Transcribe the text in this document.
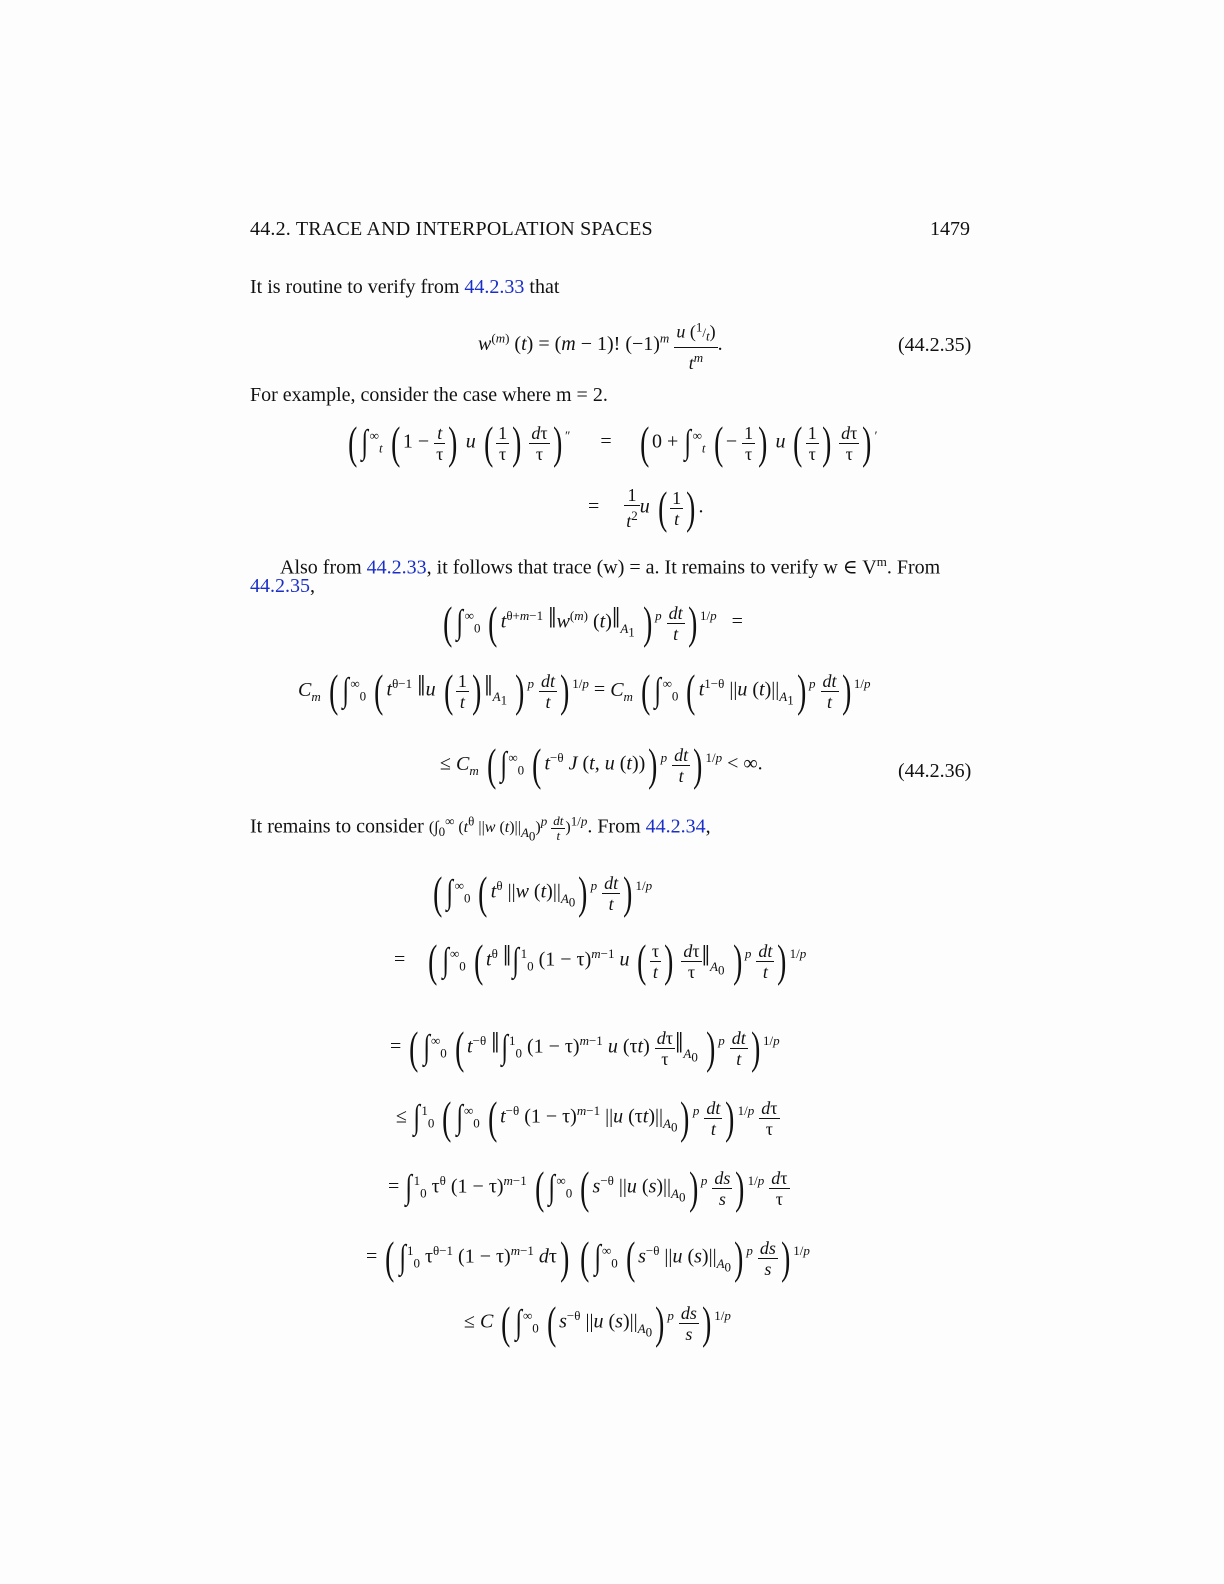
44.2. TRACE AND INTERPOLATION SPACES	1479
It is routine to verify from 44.2.33 that
$w^{(m)}$ (t) = (m − 1)! $(-1)^m \frac{u (^1/_t)}{t^m}$ .	(44.2.35)
For example, consider the case where m = 2.
( $\int^\infty_t$ ( $1 - \frac{t}{\tau}$ ) u ( $\frac{1}{\tau}$ ) $\frac{d\tau}{\tau}$ ) ″      =     ( $0 + \int^\infty_t$ ( − $\frac{1}{\tau}$ ) u ( $\frac{1}{\tau}$ ) $\frac{d\tau}{\tau}$ ) ′
= $\frac{1}{t^2}$ u ( $\frac{1}{t}$ ) .
Also from 44.2.33, it follows that trace (w) = a. It remains to verify w ∈ $V^m$. From
44.2.35,
( $\int^\infty_0$ ( $t^{\theta+m-1}$ $‖w^{(m)}$ $(t)‖_{A_1}$ ) $^p \frac{dt}{t}$ ) $^{1/p}$   =
$C_m$ ( $\int^\infty_0$ ( $t^{\theta-1}$ ‖u ( $\frac{1}{t}$ ) $‖_{A_1}$ ) $^p \frac{dt}{t}$ ) $^{1/p} = C_m$ ( $\int^\infty_0$ ( $t^{1-\theta}$ ||u $(t)||_{A_1}$) $^p \frac{dt}{t}$ ) $^{1/p}$
≤ $C_m$ ( $\int^\infty_0$ ( $t^{-\theta}$ J (t, u (t))) $^p \frac{dt}{t}$ ) $^{1/p}$ < ∞.	(44.2.36)
It remains to consider ($\int_0^\infty$ ($t^\theta$ ||w $(t)||_{A_0})^p \frac{dt}{t} )^{1/p}$. From 44.2.34,
( $\int^\infty_0$ ( $t^\theta$ ||w $(t)||_{A_0}$) $^p \frac{dt}{t}$ ) $^{1/p}$
=    ( $\int^\infty_0$ ( $t^\theta$ ‖∫$^1_0$ $(1 - \tau)^{m-1}$ u ( $\frac{\tau}{t}$ ) $\frac{d\tau}{\tau}$ $‖_{A_0}$ ) $^p \frac{dt}{t}$ ) $^{1/p}$
= ( $\int^\infty_0$ ( $t^{-\theta}$ ‖∫$^1_0$ $(1 - \tau)^{m-1}$ u $(\tau t) \frac{d\tau}{\tau}$ $‖_{A_0}$ ) $^p \frac{dt}{t}$ ) $^{1/p}$
≤ ∫$^1_0$ ( $\int^\infty_0$ ( $t^{-\theta}$ $(1 - \tau)^{m-1}$ ||u $(\tau t)||_{A_0}$) $^p \frac{dt}{t}$ ) $^{1/p} \frac{d\tau}{\tau}$
= ∫$^1_0$ $\tau^\theta$ $(1 - \tau)^{m-1}$ ( $\int^\infty_0$ ( $s^{-\theta}$ ||u $(s)||_{A_0}$) $^p \frac{ds}{s}$ ) $^{1/p} \frac{d\tau}{\tau}$
= ( ∫$^1_0$ $\tau^{\theta-1}$ $(1 - \tau)^{m-1}$ dτ) ( $\int^\infty_0$ ( $s^{-\theta}$ ||u $(s)||_{A_0}$) $^p \frac{ds}{s}$ ) $^{1/p}$
≤ C ( $\int^\infty_0$ ( $s^{-\theta}$ ||u $(s)||_{A_0}$) $^p \frac{ds}{s}$ ) $^{1/p}$
